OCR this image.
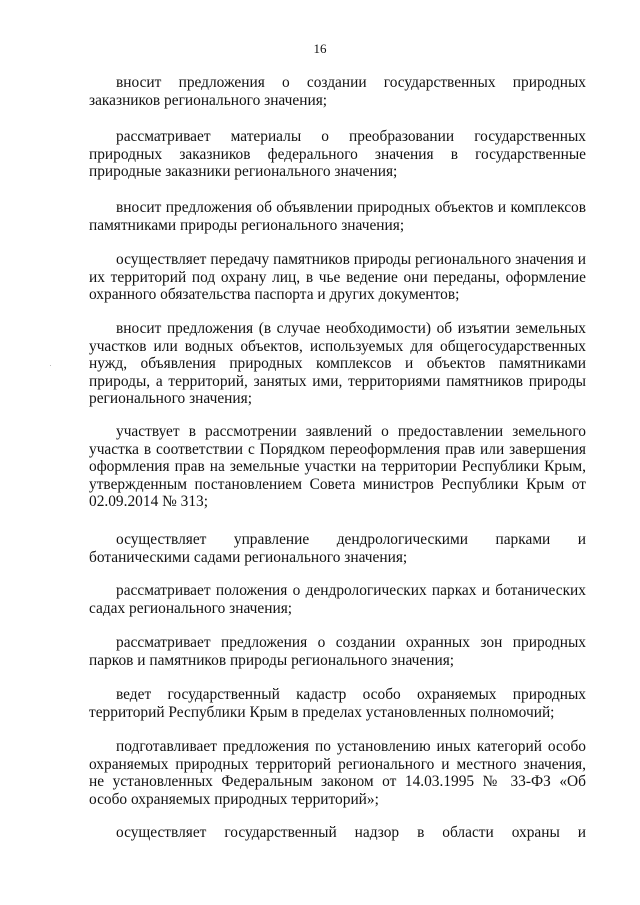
16
вносит предложения о создании государственных природных

заказников регионального значения;

рассматривает материалы о преобразовании государственных

природных заказников федерального значения в государственные природные заказники регионального значения;

вносит предложения об объявлении природных объектов и комплексов

памятниками природы регионального значения;

осуществляет передачу памятников природы регионального значения и

их территорий под охрану лиц, в чье ведение они переданы, оформление охранного обязательства паспорта и других документов;

вносит предложения (в случае необходимости) об изъятии земельных

участков или водных объектов, используемых для общегосударственных нужд, объявления природных комплексов и объектов памятниками природы, а территорий, занятых ими, территориями памятников природы регионального значения;

участвует в рассмотрении заявлений о предоставлении земельного

участка в соответствии с Порядком переоформления прав или завершения оформления прав на земельные участки на территории Республики Крым, утвержденным постановлением Совета министров Республики Крым от 02.09.2014 № 313;

осуществляет управление дендрологическими парками и

ботаническими садами регионального значения;

рассматривает положения о дендрологических парках и ботанических

садах регионального значения;

рассматривает предложения о создании охранных зон природных

парков и памятников природы регионального значения;

ведет государственный кадастр особо охраняемых природных

территорий Республики Крым в пределах установленных полномочий;

подготавливает предложения по установлению иных категорий особо

охраняемых природных территорий регионального и местного значения, не установленных Федеральным законом от 14.03.1995 № 33-ФЗ «Об особо охраняемых природных территорий»;

осуществляет государственный надзор в области охраны и
